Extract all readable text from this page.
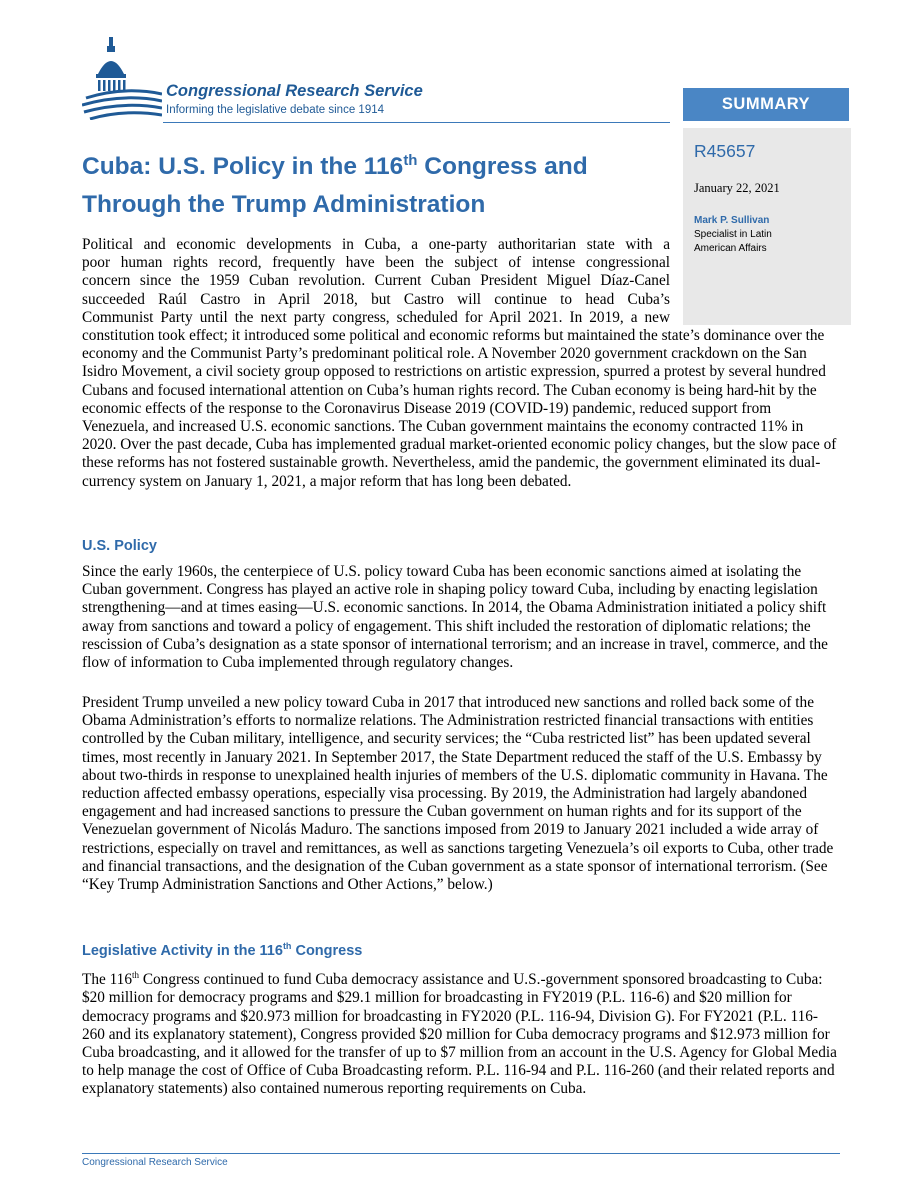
Congressional Research Service
Informing the legislative debate since 1914	SUMMARY
R45657
January 22, 2021
Mark P. Sullivan
Specialist in Latin American Affairs
Cuba: U.S. Policy in the 116th Congress and Through the Trump Administration
Political and economic developments in Cuba, a one-party authoritarian state with a
poor human rights record, frequently have been the subject of intense congressional
concern since the 1959 Cuban revolution. Current Cuban President Miguel Díaz-Canel
succeeded Raúl Castro in April 2018, but Castro will continue to head Cuba’s
Communist Party until the next party congress, scheduled for April 2021. In 2019, a new

constitution took effect; it introduced some political and economic reforms but maintained the state’s dominance over the economy and the Communist Party’s predominant political role. A November 2020 government crackdown on the San Isidro Movement, a civil society group opposed to restrictions on artistic expression, spurred a protest by several hundred Cubans and focused international attention on Cuba’s human rights record. The Cuban economy is being hard-hit by the economic effects of the response to the Coronavirus Disease 2019 (COVID-19) pandemic, reduced support from Venezuela, and increased U.S. economic sanctions. The Cuban government maintains the economy contracted 11% in 2020. Over the past decade, Cuba has implemented gradual market-oriented economic policy changes, but the slow pace of these reforms has not fostered sustainable growth. Nevertheless, amid the pandemic, the government eliminated its dual-currency system on January 1, 2021, a major reform that has long been debated.

U.S. Policy

Since the early 1960s, the centerpiece of U.S. policy toward Cuba has been economic sanctions aimed at isolating the Cuban government. Congress has played an active role in shaping policy toward Cuba, including by enacting legislation strengthening—and at times easing—U.S. economic sanctions. In 2014, the Obama Administration initiated a policy shift away from sanctions and toward a policy of engagement. This shift included the restoration of diplomatic relations; the rescission of Cuba’s designation as a state sponsor of international terrorism; and an increase in travel, commerce, and the flow of information to Cuba implemented through regulatory changes.

President Trump unveiled a new policy toward Cuba in 2017 that introduced new sanctions and rolled back some of the Obama Administration’s efforts to normalize relations. The Administration restricted financial transactions with entities controlled by the Cuban military, intelligence, and security services; the “Cuba restricted list” has been updated several times, most recently in January 2021. In September 2017, the State Department reduced the staff of the U.S. Embassy by about two-thirds in response to unexplained health injuries of members of the U.S. diplomatic community in Havana. The reduction affected embassy operations, especially visa processing. By 2019, the Administration had largely abandoned engagement and had increased sanctions to pressure the Cuban government on human rights and for its support of the Venezuelan government of Nicolás Maduro. The sanctions imposed from 2019 to January 2021 included a wide array of restrictions, especially on travel and remittances, as well as sanctions targeting Venezuela’s oil exports to Cuba, other trade and financial transactions, and the designation of the Cuban government as a state sponsor of international terrorism. (See “Key Trump Administration Sanctions and Other Actions,” below.)

Legislative Activity in the 116th Congress

The 116th Congress continued to fund Cuba democracy assistance and U.S.-government sponsored broadcasting to Cuba: $20 million for democracy programs and $29.1 million for broadcasting in FY2019 (P.L. 116-6) and $20 million for democracy programs and $20.973 million for broadcasting in FY2020 (P.L. 116-94, Division G). For FY2021 (P.L. 116-260 and its explanatory statement), Congress provided $20 million for Cuba democracy programs and $12.973 million for Cuba broadcasting, and it allowed for the transfer of up to $7 million from an account in the U.S. Agency for Global Media to help manage the cost of Office of Cuba Broadcasting reform. P.L. 116-94 and P.L. 116-260 (and their related reports and explanatory statements) also contained numerous reporting requirements on Cuba.

Congressional Research Service
